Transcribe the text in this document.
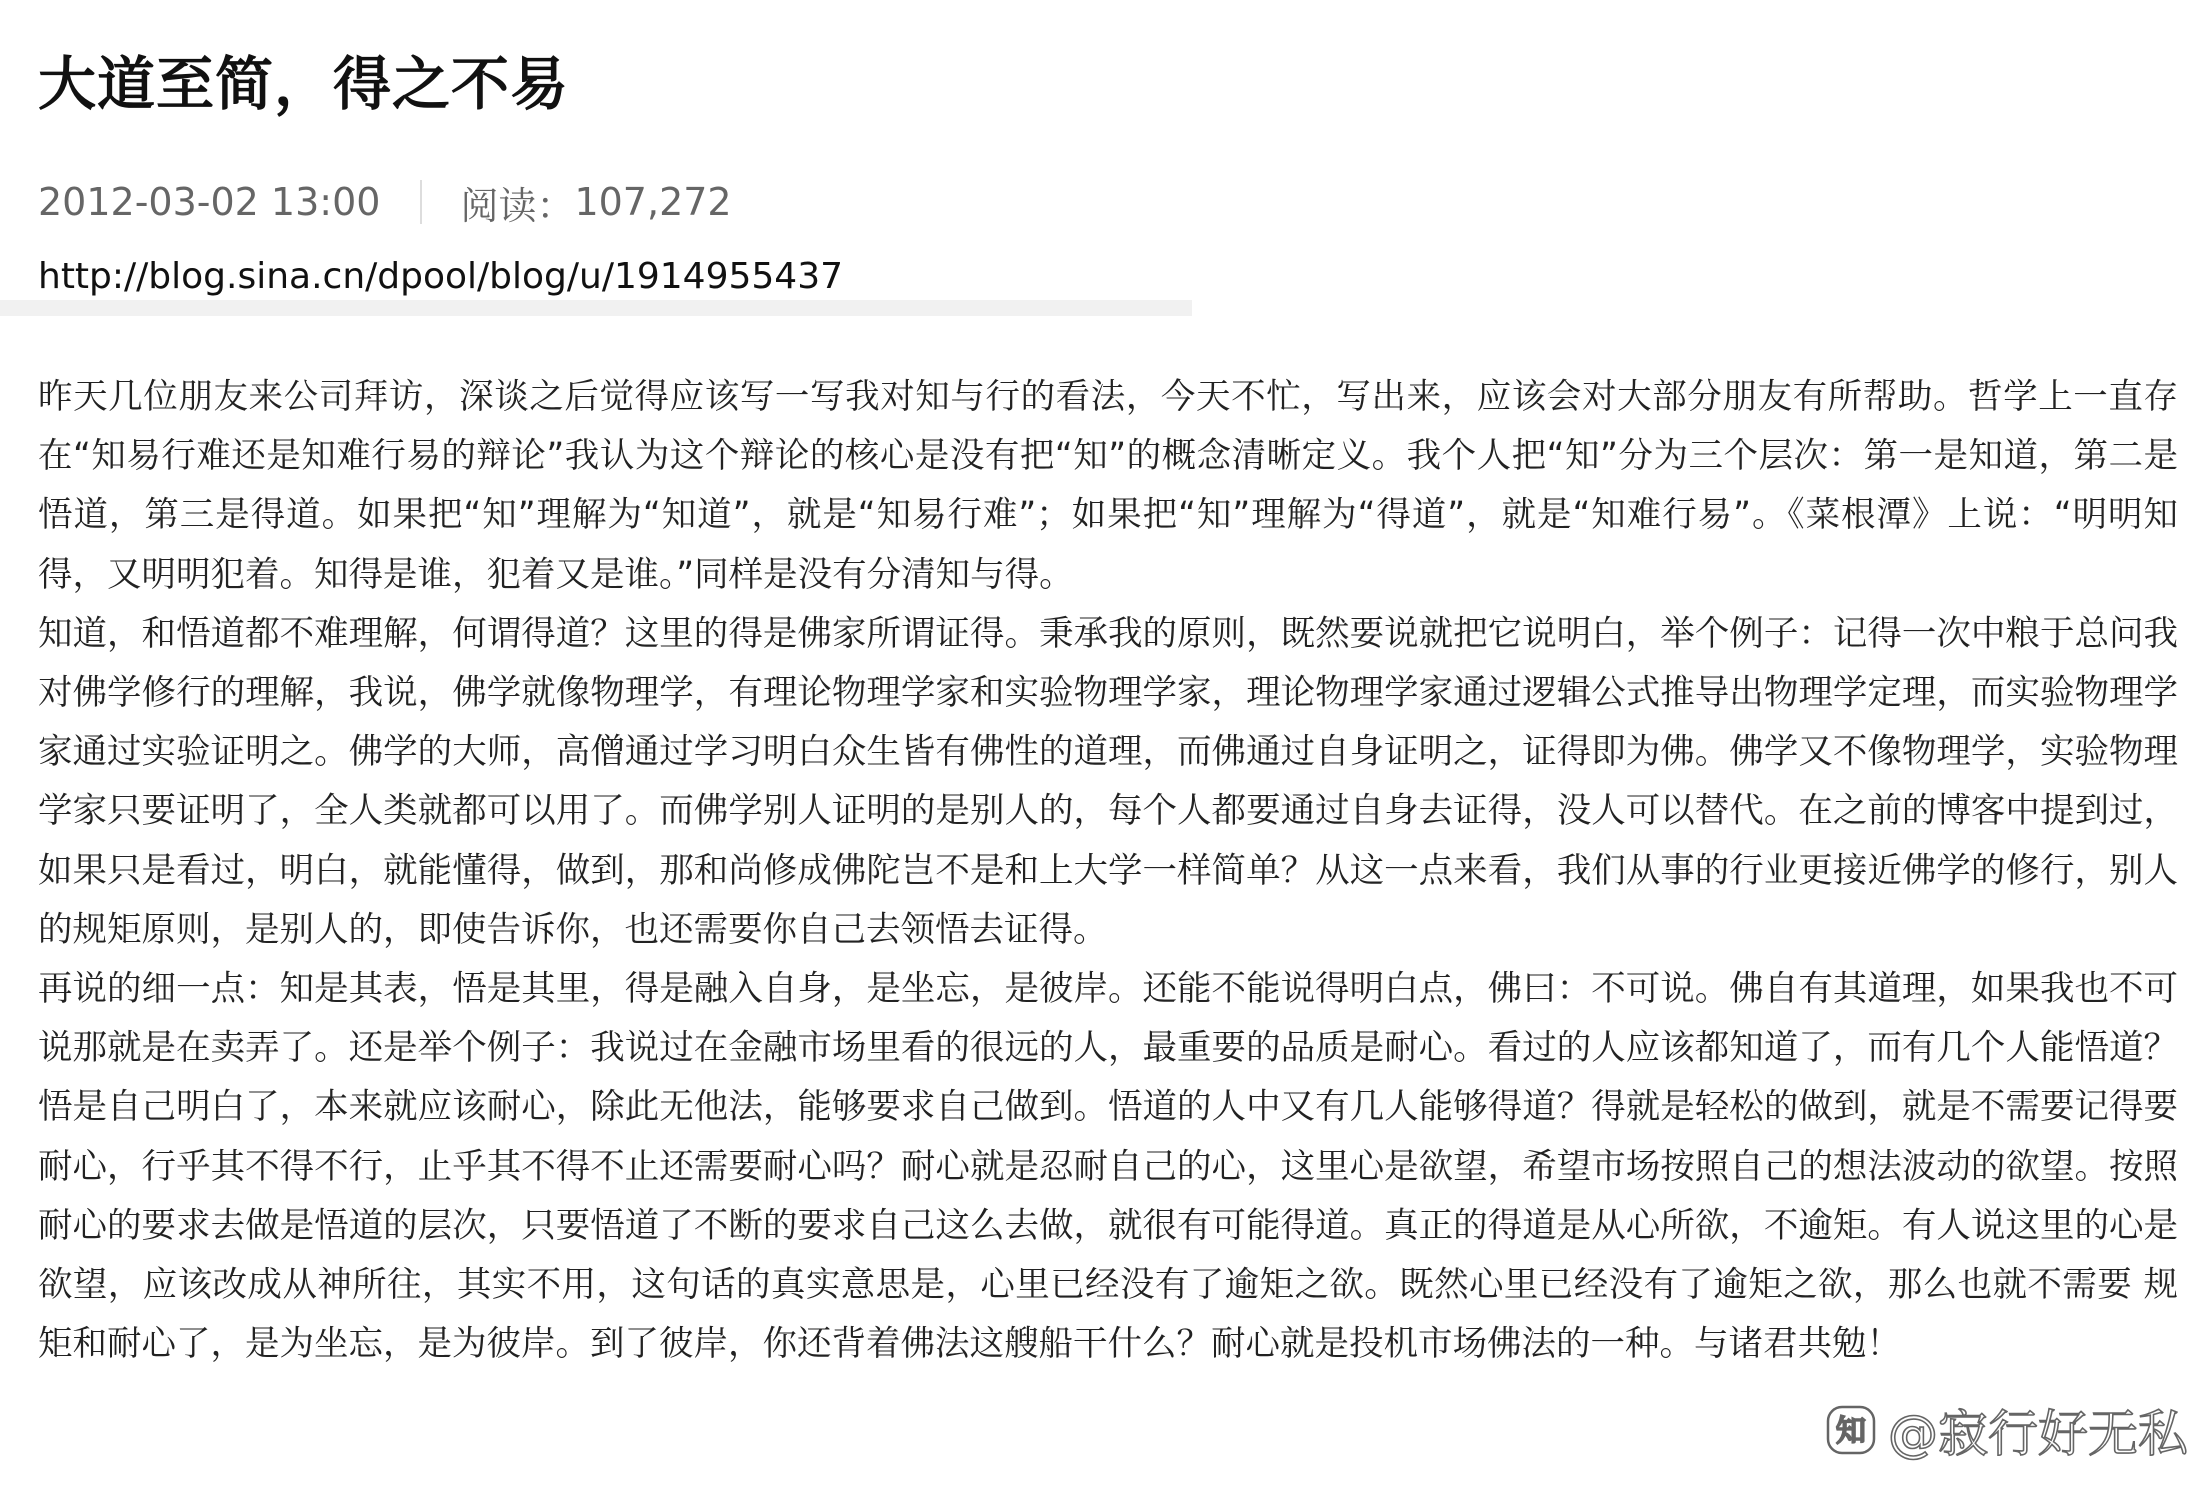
大道至简，得之不易
2012-03-02 13:00 阅读： 107,272
http://blog.sina.cn/dpool/blog/u/1914955437

昨天几位朋友来公司拜访，深谈之后觉得应该写一写我对知与行的看法，今天不忙，写出来，应该会对大部分朋友有所帮助。哲学上一直存在“知易行难还是知难行易的辩论”我认为这个辩论的核心是没有把“知”的概念清晰定义。我个人把“知”分为三个层次：第一是知道，第二是悟道，第三是得道。如果把“知”理解为“知道”，就是“知易行难”；如果把“知”理解为“得道”，就是“知难行易”。《菜根潭》上说：“明明知得，又明明犯着。知得是谁，犯着又是谁。”同样是没有分清知与得。

知道，和悟道都不难理解，何谓得道？这里的得是佛家所谓证得。秉承我的原则，既然要说就把它说明白，举个例子：记得一次中粮于总问我对佛学修行的理解，我说，佛学就像物理学，有理论物理学家和实验物理学家，理论物理学家通过逻辑公式推导出物理学定理，而实验物理学家通过实验证明之。佛学的大师，高僧通过学习明白众生皆有佛性的道理，而佛通过自身证明之，证得即为佛。佛学又不像物理学，实验物理学家只要证明了，全人类就都可以用了。而佛学别人证明的是别人的，每个人都要通过自身去证得，没人可以替代。在之前的博客中提到过，如果只是看过，明白，就能懂得，做到，那和尚修成佛陀岂不是和上大学一样简单？从这一点来看，我们从事的行业更接近佛学的修行，别人的规矩原则，是别人的，即使告诉你，也还需要你自己去领悟去证得。

再说的细一点：知是其表，悟是其里，得是融入自身，是坐忘，是彼岸。还能不能说得明白点，佛曰：不可说。佛自有其道理，如果我也不可说那就是在卖弄了。还是举个例子：我说过在金融市场里看的很远的人，最重要的品质是耐心。看过的人应该都知道了，而有几个人能悟道？悟是自己明白了，本来就应该耐心，除此无他法，能够要求自己做到。悟道的人中又有几人能够得道？得就是轻松的做到，就是不需要记得要耐心，行乎其不得不行，止乎其不得不止还需要耐心吗？耐心就是忍耐自己的心，这里心是欲望，希望市场按照自己的想法波动的欲望。按照耐心的要求去做是悟道的层次，只要悟道了不断的要求自己这么去做，就很有可能得道。真正的得道是从心所欲，不逾矩。有人说这里的心是欲望，应该改成从神所往，其实不用，这句话的真实意思是，心里已经没有了逾矩之欲。既然心里已经没有了逾矩之欲，那么也就不需要 规矩和耐心了，是为坐忘，是为彼岸。到了彼岸，你还背着佛法这艘船干什么？耐心就是投机市场佛法的一种。与诸君共勉！

知 @寂行好无私
